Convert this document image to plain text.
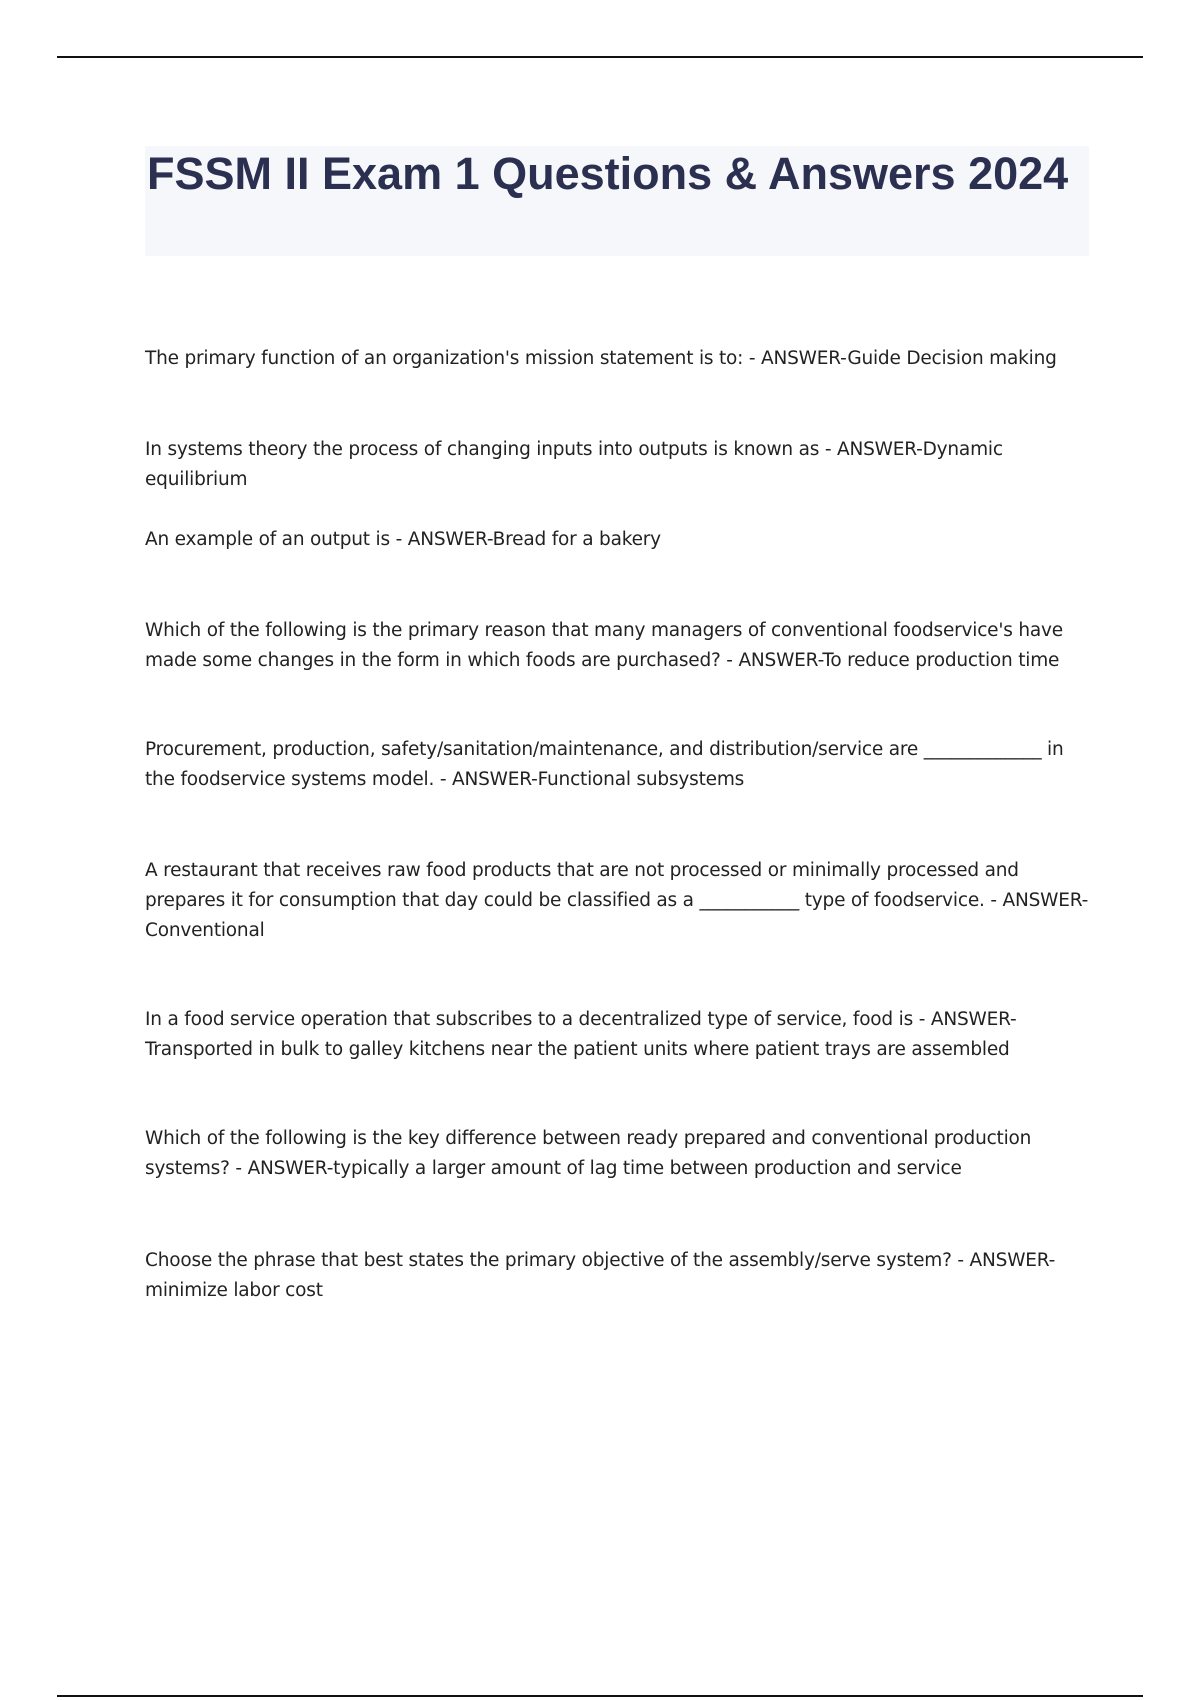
FSSM II Exam 1 Questions & Answers 2024
The primary function of an organization's mission statement is to: - ANSWER-Guide Decision making
In systems theory the process of changing inputs into outputs is known as - ANSWER-Dynamic equilibrium
An example of an output is - ANSWER-Bread for a bakery
Which of the following is the primary reason that many managers of conventional foodservice's have made some changes in the form in which foods are purchased? - ANSWER-To reduce production time
Procurement, production, safety/sanitation/maintenance, and distribution/service are _____________ in the foodservice systems model. - ANSWER-Functional subsystems
A restaurant that receives raw food products that are not processed or minimally processed and prepares it for consumption that day could be classified as a ___________ type of foodservice. - ANSWER-Conventional
In a food service operation that subscribes to a decentralized type of service, food is - ANSWER-Transported in bulk to galley kitchens near the patient units where patient trays are assembled
Which of the following is the key difference between ready prepared and conventional production systems? - ANSWER-typically a larger amount of lag time between production and service
Choose the phrase that best states the primary objective of the assembly/serve system? - ANSWER-minimize labor cost
